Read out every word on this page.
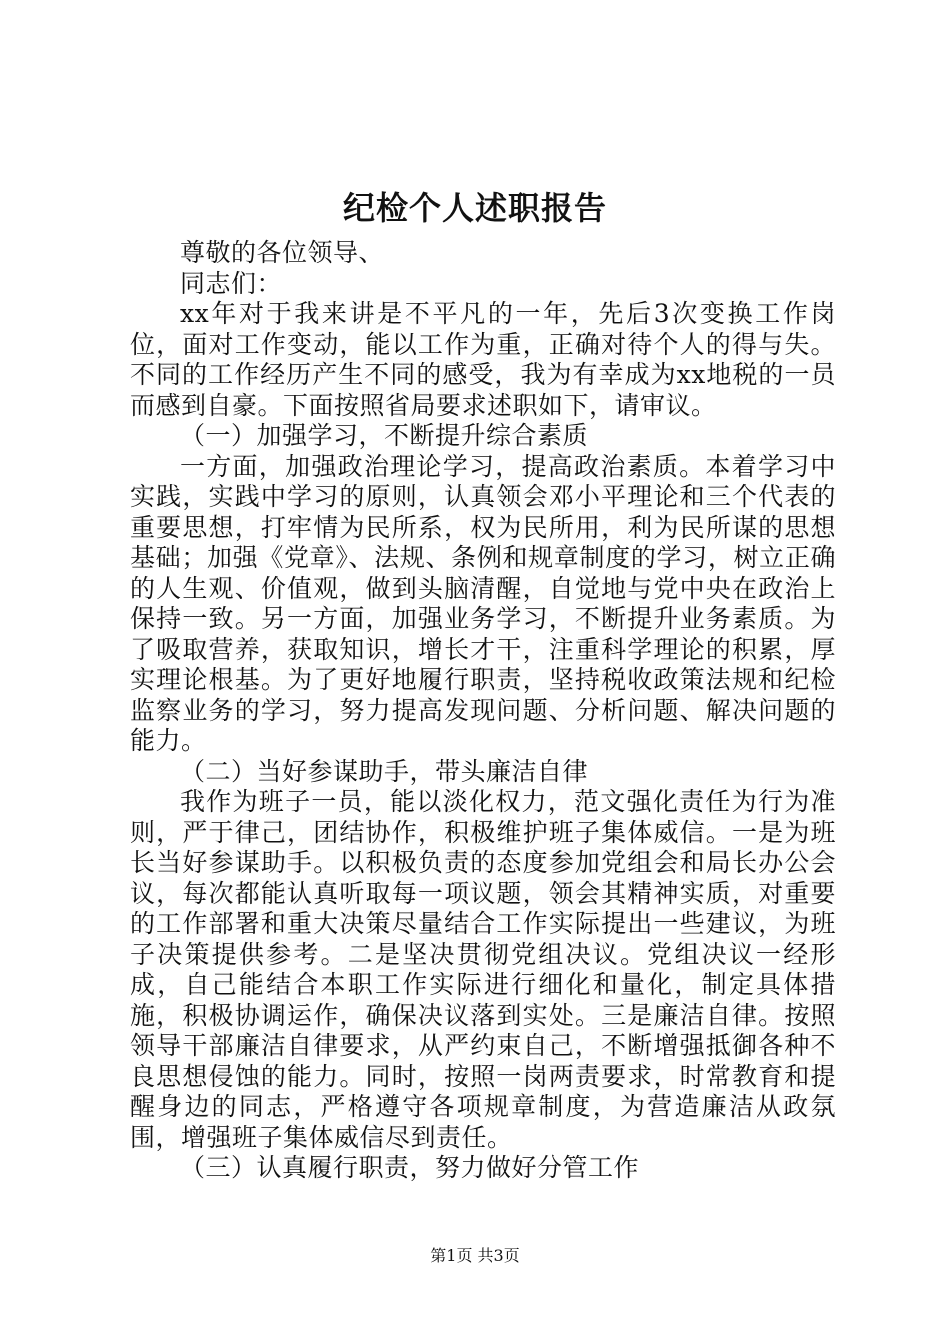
纪检个人述职报告

尊敬的各位领导、

同志们：

xx年对于我来讲是不平凡的一年，先后3次变换工作岗位，面对工作变动，能以工作为重，正确对待个人的得与失。不同的工作经历产生不同的感受，我为有幸成为xx地税的一员而感到自豪。下面按照省局要求述职如下，请审议。

（一）加强学习，不断提升综合素质

一方面，加强政治理论学习，提高政治素质。本着学习中实践，实践中学习的原则，认真领会邓小平理论和三个代表的重要思想，打牢情为民所系，权为民所用，利为民所谋的思想基础；加强《党章》、法规、条例和规章制度的学习，树立正确的人生观、价值观，做到头脑清醒，自觉地与党中央在政治上保持一致。另一方面，加强业务学习，不断提升业务素质。为了吸取营养，获取知识，增长才干，注重科学理论的积累，厚实理论根基。为了更好地履行职责，坚持税收政策法规和纪检监察业务的学习，努力提高发现问题、分析问题、解决问题的能力。

（二）当好参谋助手，带头廉洁自律

我作为班子一员，能以淡化权力，范文强化责任为行为准则，严于律己，团结协作，积极维护班子集体威信。一是为班长当好参谋助手。以积极负责的态度参加党组会和局长办公会议，每次都能认真听取每一项议题，领会其精神实质，对重要的工作部署和重大决策尽量结合工作实际提出一些建议，为班子决策提供参考。二是坚决贯彻党组决议。党组决议一经形成，自己能结合本职工作实际进行细化和量化，制定具体措施，积极协调运作，确保决议落到实处。三是廉洁自律。按照领导干部廉洁自律要求，从严约束自己，不断增强抵御各种不良思想侵蚀的能力。同时，按照一岗两责要求，时常教育和提醒身边的同志，严格遵守各项规章制度，为营造廉洁从政氛围，增强班子集体威信尽到责任。

（三）认真履行职责，努力做好分管工作

第1页 共3页
